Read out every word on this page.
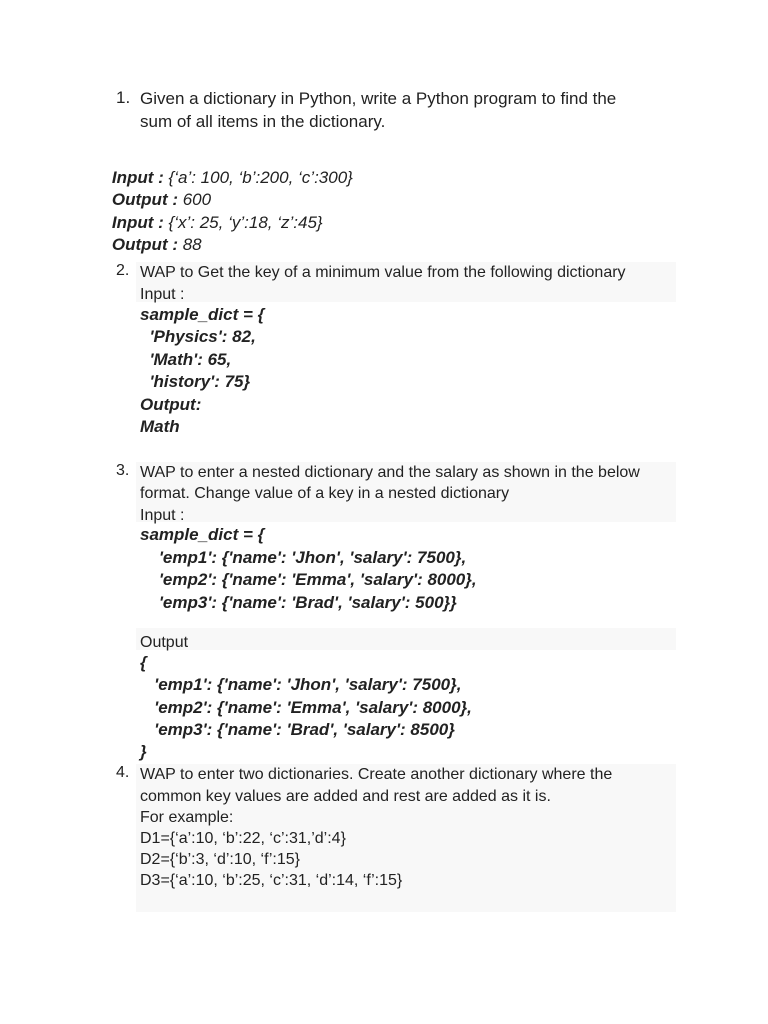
1. Given a dictionary in Python, write a Python program to find the
sum of all items in the dictionary.

Input : {‘a’: 100, ‘b’:200, ‘c’:300}

Output : 600

Input : {‘x’: 25, ‘y’:18, ‘z’:45}

Output : 88

2. WAP to Get the key of a minimum value from the following dictionary
Input :
sample_dict = {
'Physics': 82,
'Math': 65,
'history': 75}
Output:
Math
3. WAP to enter a nested dictionary and the salary as shown in the below
format. Change value of a key in a nested dictionary
Input :
sample_dict = {
'emp1': {'name': 'Jhon', 'salary': 7500},
'emp2': {'name': 'Emma', 'salary': 8000},
'emp3': {'name': 'Brad', 'salary': 500}}
Output
{
'emp1': {'name': 'Jhon', 'salary': 7500},
'emp2': {'name': 'Emma', 'salary': 8000},
'emp3': {'name': 'Brad', 'salary': 8500}
}
4. WAP to enter two dictionaries. Create another dictionary where the
common key values are added and rest are added as it is.
For example:
D1={‘a’:10, ‘b’:22, ‘c’:31,’d’:4}
D2={‘b’:3, ‘d’:10, ‘f’:15}
D3={‘a’:10, ‘b’:25, ‘c’:31, ‘d’:14, ‘f’:15}
